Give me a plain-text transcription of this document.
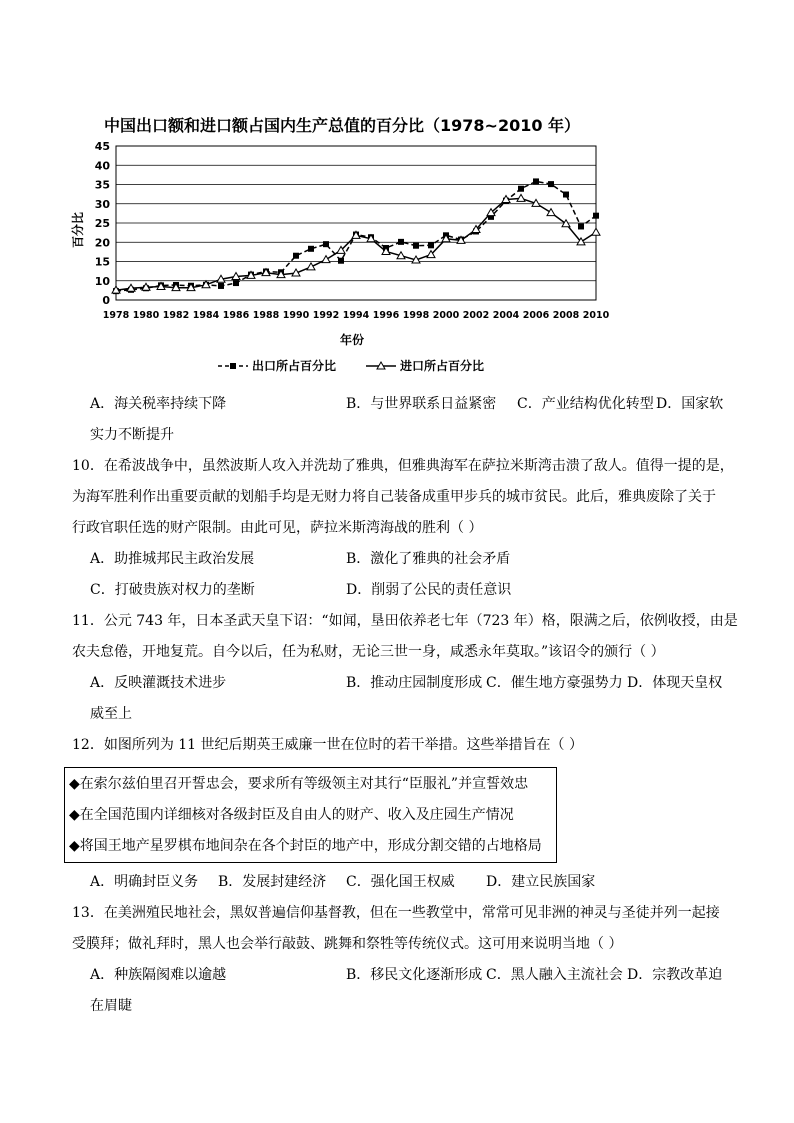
中国出口额和进口额占国内生产总值的百分比（1978~2010 年）
0
10
15
20
25
30
35
40
45
1978 1980 1982 1984 1986 1988 1990 1992 1994 1996 1998 2000 2002 2004 2006 2008 2010
百分比
年份
出口所占百分比	进口所占百分比
A．海关税率持续下降	B．与世界联系日益紧密 C．产业结构优化转型 D．国家软
实力不断提升
10．在希波战争中，虽然波斯人攻入并洗劫了雅典，但雅典海军在萨拉米斯湾击溃了敌人。值得一提的是，
为海军胜利作出重要贡献的划船手均是无财力将自己装备成重甲步兵的城市贫民。此后，雅典废除了关于
行政官职任选的财产限制。由此可见，萨拉米斯湾海战的胜利（ ）
A．助推城邦民主政治发展	B．激化了雅典的社会矛盾
C．打破贵族对权力的垄断	D．削弱了公民的责任意识
11．公元 743 年，日本圣武天皇下诏：“如闻，垦田依养老七年（723 年）格，限满之后，依例收授，由是
农夫怠倦，开地复荒。自今以后，任为私财，无论三世一身，咸悉永年莫取。”该诏令的颁行（ ）
A．反映灌溉技术进步	B．推动庄园制度形成 C．催生地方豪强势力 D．体现天皇权
威至上
12．如图所列为 11 世纪后期英王威廉一世在位时的若干举措。这些举措旨在（ ）
◆在索尔兹伯里召开誓忠会，要求所有等级领主对其行“臣服礼”并宣誓效忠
◆在全国范围内详细核对各级封臣及自由人的财产、收入及庄园生产情况
◆将国王地产星罗棋布地间杂在各个封臣的地产中，形成分割交错的占地格局
A．明确封臣义务 B．发展封建经济 C．强化国王权威 D．建立民族国家
13．在美洲殖民地社会，黑奴普遍信仰基督教，但在一些教堂中，常常可见非洲的神灵与圣徒并列一起接
受膜拜；做礼拜时，黑人也会举行敲鼓、跳舞和祭牲等传统仪式。这可用来说明当地（ ）
A．种族隔阂难以逾越	B．移民文化逐渐形成 C．黑人融入主流社会 D．宗教改革迫
在眉睫
